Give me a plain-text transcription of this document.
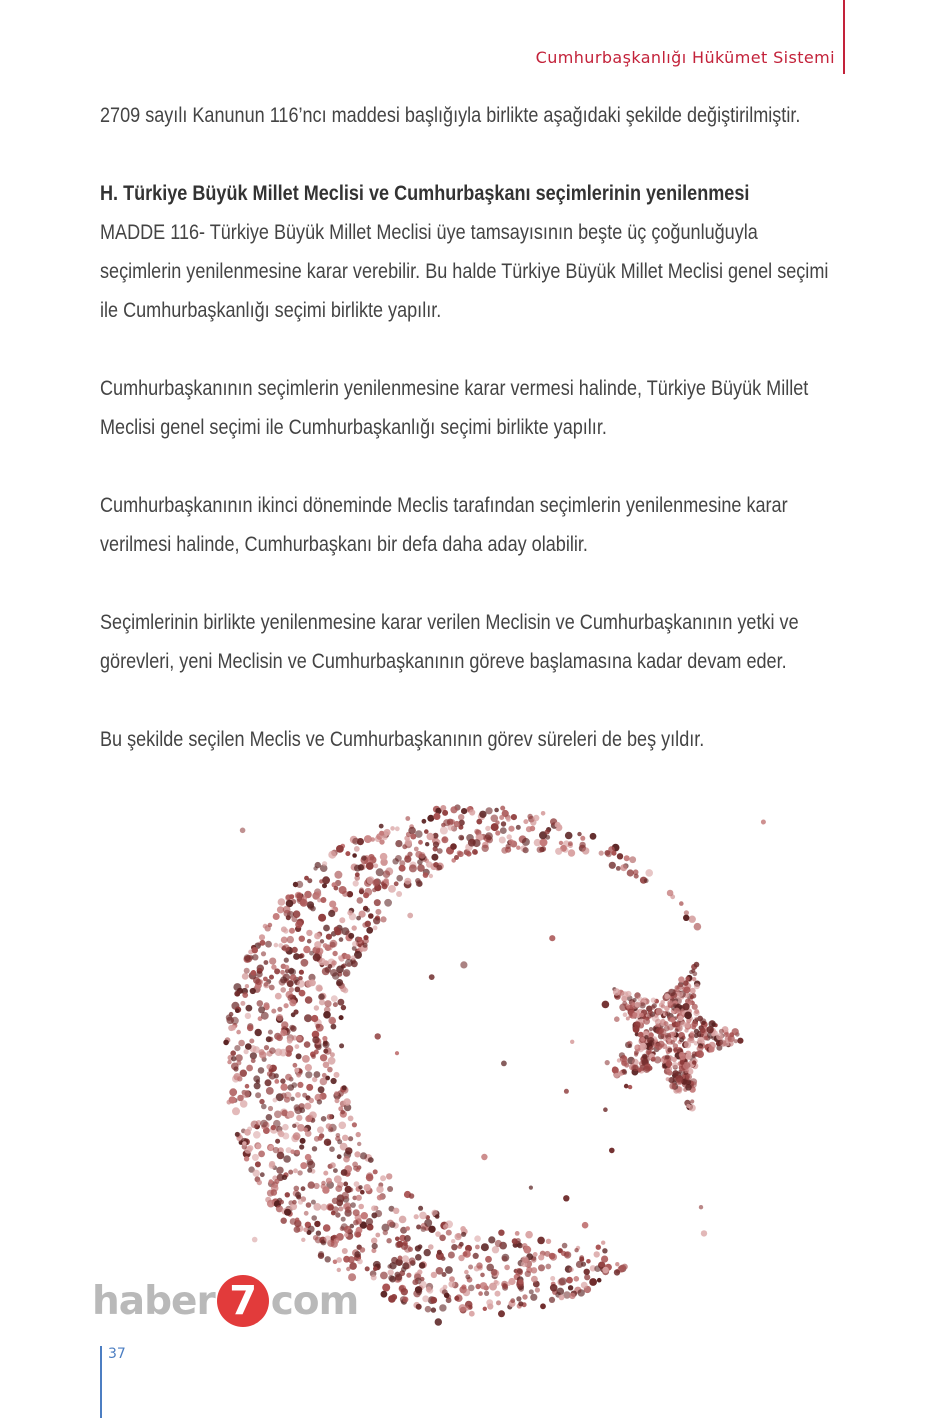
Cumhurbaşkanlığı Hükümet Sistemi

2709 sayılı Kanunun 116’ncı maddesi başlığıyla birlikte aşağıdaki şekilde değiştirilmiştir.

H. Türkiye Büyük Millet Meclisi ve Cumhurbaşkanı seçimlerinin yenilenmesi
MADDE 116- Türkiye Büyük Millet Meclisi üye tamsayısının beşte üç çoğunluğuyla
seçimlerin yenilenmesine karar verebilir. Bu halde Türkiye Büyük Millet Meclisi genel seçimi
ile Cumhurbaşkanlığı seçimi birlikte yapılır.
Cumhurbaşkanının seçimlerin yenilenmesine karar vermesi halinde, Türkiye Büyük Millet
Meclisi genel seçimi ile Cumhurbaşkanlığı seçimi birlikte yapılır.
Cumhurbaşkanının ikinci döneminde Meclis tarafından seçimlerin yenilenmesine karar
verilmesi halinde, Cumhurbaşkanı bir defa daha aday olabilir.
Seçimlerinin birlikte yenilenmesine karar verilen Meclisin ve Cumhurbaşkanının yetki ve
görevleri, yeni Meclisin ve Cumhurbaşkanının göreve başlamasına kadar devam eder.
Bu şekilde seçilen Meclis ve Cumhurbaşkanının görev süreleri de beş yıldır.
haber 7 com
37
